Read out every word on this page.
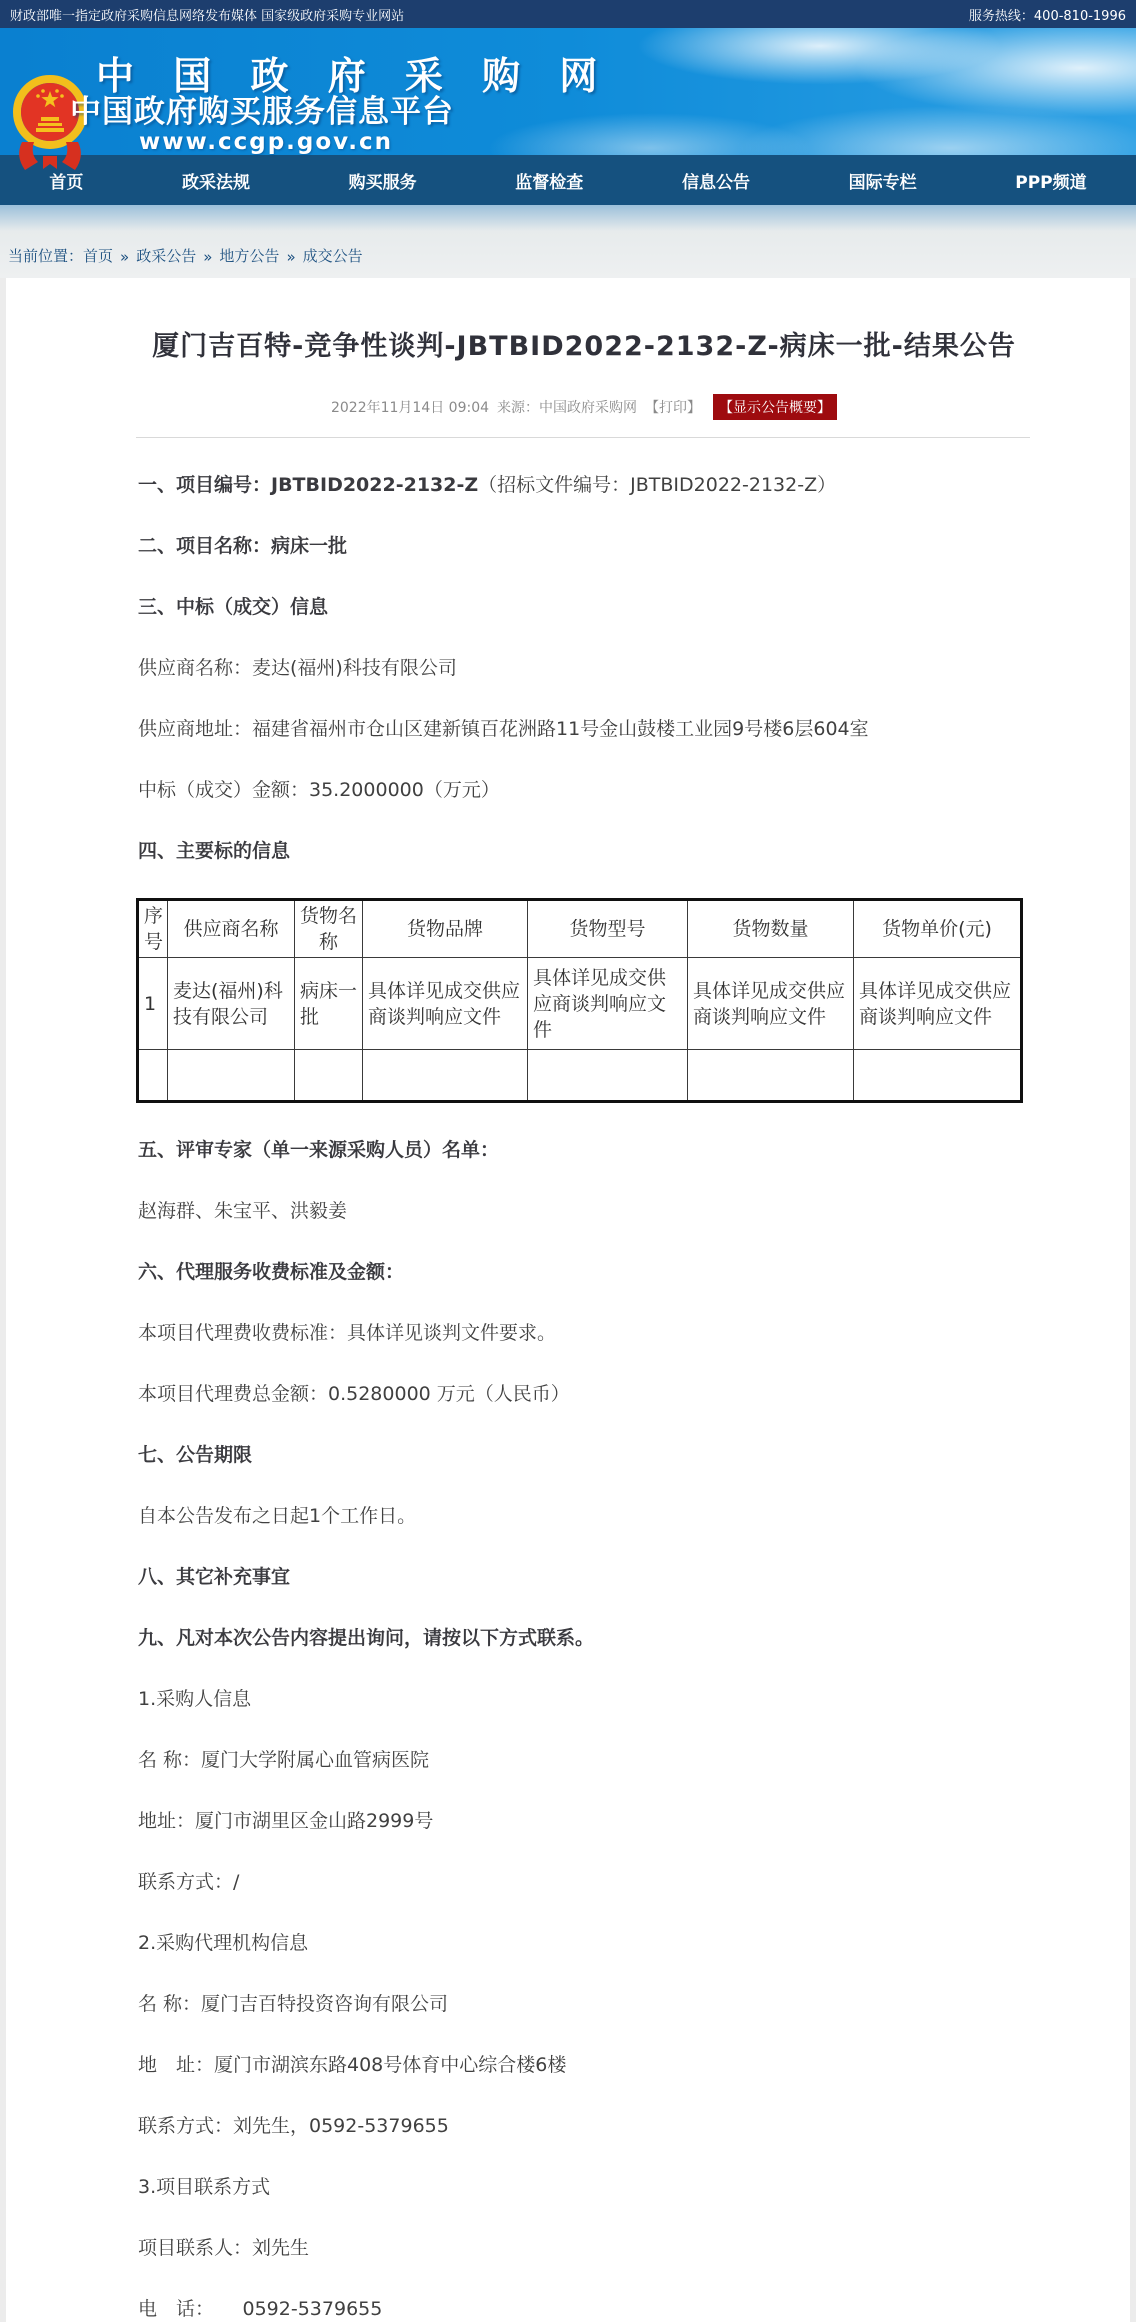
财政部唯一指定政府采购信息网络发布媒体 国家级政府采购专业网站	服务热线：400-810-1996
中 国 政 府 采 购 网
中国政府购买服务信息平台
www.ccgp.gov.cn
首页	政采法规	购买服务	监督检查	信息公告	国际专栏	PPP频道
当前位置： 首页 » 政采公告 » 地方公告 » 成交公告
厦门吉百特-竞争性谈判-JBTBID2022-2132-Z-病床一批-结果公告
2022年11月14日 09:04 来源：中国政府采购网 【打印】	【显示公告概要】

一、项目编号：JBTBID2022-2132-Z（招标文件编号：JBTBID2022-2132-Z）

二、项目名称：病床一批

三、中标（成交）信息

供应商名称：麦达(福州)科技有限公司

供应商地址：福建省福州市仓山区建新镇百花洲路11号金山鼓楼工业园9号楼6层604室

中标（成交）金额：35.2000000（万元）

四、主要标的信息

序号	供应商名称	货物名称	货物品牌	货物型号	货物数量	货物单价(元)
1	麦达(福州)科技有限公司	病床一批	具体详见成交供应商谈判响应文件	具体详见成交供应商谈判响应文件	具体详见成交供应商谈判响应文件	具体详见成交供应商谈判响应文件

五、评审专家（单一来源采购人员）名单：

赵海群、朱宝平、洪毅姜

六、代理服务收费标准及金额：

本项目代理费收费标准：具体详见谈判文件要求。

本项目代理费总金额：0.5280000 万元（人民币）

七、公告期限

自本公告发布之日起1个工作日。

八、其它补充事宜

九、凡对本次公告内容提出询问，请按以下方式联系。

1.采购人信息

名 称：厦门大学附属心血管病医院

地址：厦门市湖里区金山路2999号

联系方式：/

2.采购代理机构信息

名 称：厦门吉百特投资咨询有限公司

地　址：厦门市湖滨东路408号体育中心综合楼6楼

联系方式：刘先生，0592-5379655

3.项目联系方式

项目联系人：刘先生

电　话：　　0592-5379655
